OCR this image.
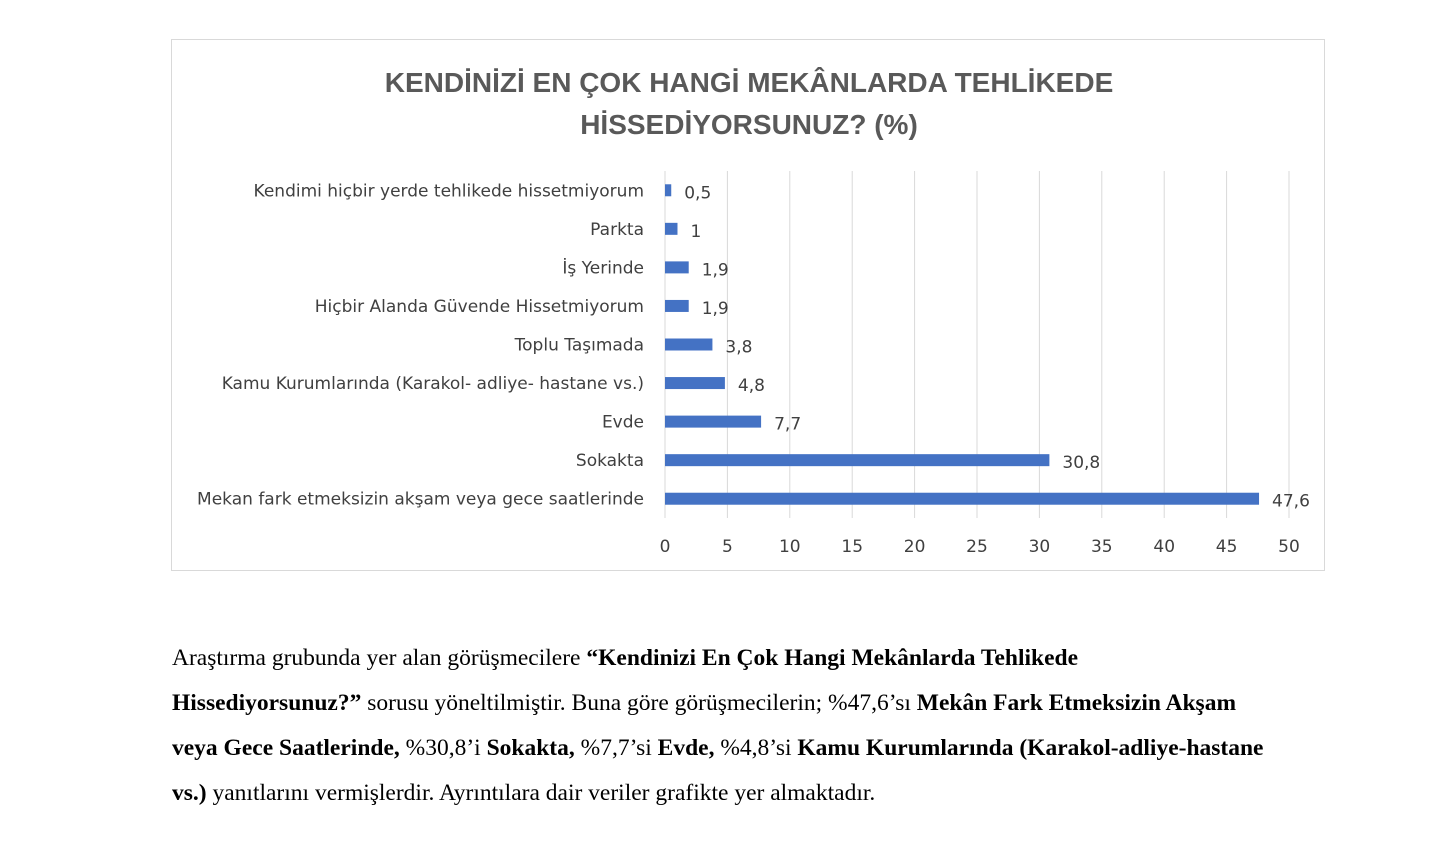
KENDİNİZİ EN ÇOK HANGİ MEKÂNLARDA TEHLİKEDE
HİSSEDİYORSUNUZ? (%)
Kendimi hiçbir yerde tehlikede hissetmiyorum
Parkta
İş Yerinde
Hiçbir Alanda Güvende Hissetmiyorum
Toplu Taşımada
Kamu Kurumlarında (Karakol- adliye- hastane vs.)
Evde
Sokakta
Mekan fark etmeksizin akşam veya gece saatlerinde
0,5
1
1,9
1,9
3,8
4,8
7,7
30,8
47,6
0	5	10 15 20 25 30 35 40 45 50

Araştırma grubunda yer alan görüşmecilere “Kendinizi En Çok Hangi Mekânlarda Tehlikede Hissediyorsunuz?” sorusu yöneltilmiştir. Buna göre görüşmecilerin; %47,6’sı Mekân Fark Etmeksizin Akşam veya Gece Saatlerinde, %30,8’i Sokakta, %7,7’si Evde, %4,8’si Kamu Kurumlarında (Karakol-adliye-hastane vs.) yanıtlarını vermişlerdir. Ayrıntılara dair veriler grafikte yer almaktadır.
